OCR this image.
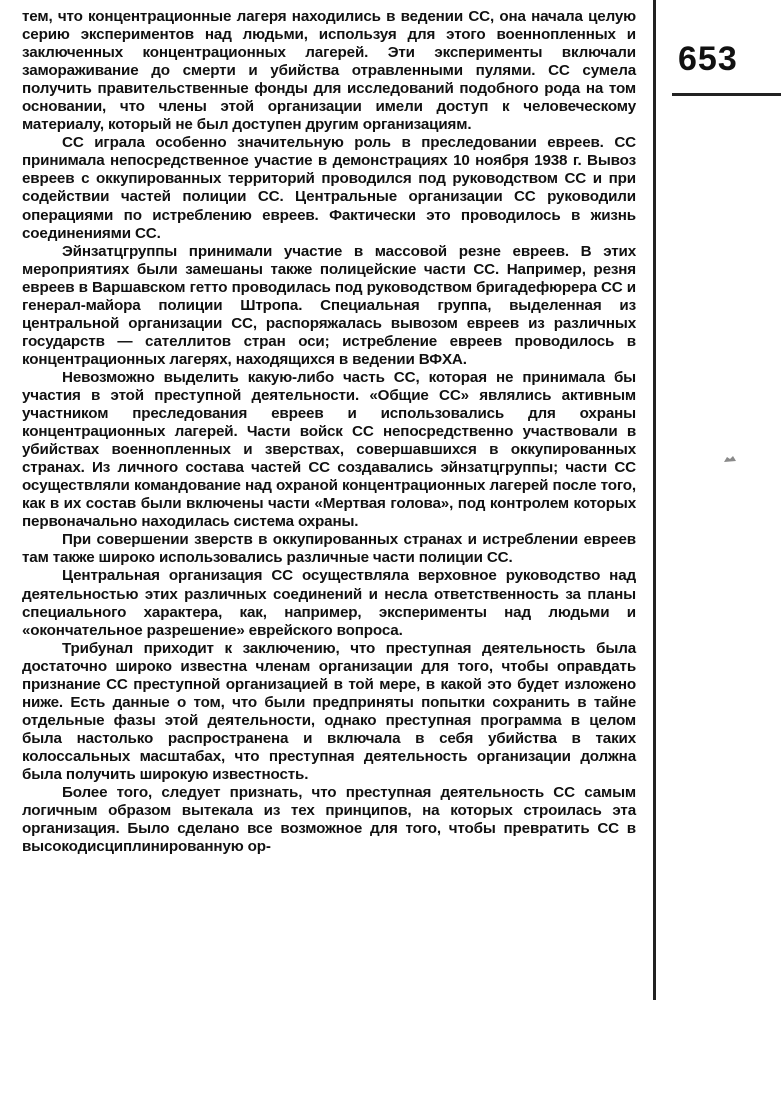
тем, что концентрационные лагеря находились в ведении СС, она начала целую серию экспериментов над людьми, используя для этого военнопленных и заключенных концентрационных лагерей. Эти эксперименты включали замораживание до смерти и убийства отравленными пулями. СС сумела получить правительственные фонды для исследований подобного рода на том основании, что члены этой организации имели доступ к человеческому материалу, который не был доступен другим организациям.

СС играла особенно значительную роль в преследовании евреев. СС принимала непосредственное участие в демонстрациях 10 ноября 1938 г. Вывоз евреев с оккупированных территорий проводился под руководством СС и при содействии частей полиции СС. Центральные организации СС руководили операциями по истреблению евреев. Фактически это проводилось в жизнь соединениями СС.

Эйнзатцгруппы принимали участие в массовой резне евреев. В этих мероприятиях были замешаны также полицейские части СС. Например, резня евреев в Варшавском гетто проводилась под руководством бригадефюрера СС и генерал-майора полиции Штропа. Специальная группа, выделенная из центральной организации СС, распоряжалась вывозом евреев из различных государств — сателлитов стран оси; истребление евреев проводилось в концентрационных лагерях, находящихся в ведении ВФХА.

Невозможно выделить какую-либо часть СС, которая не принимала бы участия в этой преступной деятельности. «Общие СС» являлись активным участником преследования евреев и использовались для охраны концентрационных лагерей. Части войск СС непосредственно участвовали в убийствах военнопленных и зверствах, совершавшихся в оккупированных странах. Из личного состава частей СС создавались эйнзатцгруппы; части СС осуществляли командование над охраной концентрационных лагерей после того, как в их состав были включены части «Мертвая голова», под контролем которых первоначально находилась система охраны.

При совершении зверств в оккупированных странах и истреблении евреев там также широко использовались различные части полиции СС.

Центральная организация СС осуществляла верховное руководство над деятельностью этих различных соединений и несла ответственность за планы специального характера, как, например, эксперименты над людьми и «окончательное разрешение» еврейского вопроса.

Трибунал приходит к заключению, что преступная деятельность была достаточно широко известна членам организации для того, чтобы оправдать признание СС преступной организацией в той мере, в какой это будет изложено ниже. Есть данные о том, что были предприняты попытки сохранить в тайне отдельные фазы этой деятельности, однако преступная программа в целом была настолько распространена и включала в себя убийства в таких колоссальных масштабах, что преступная деятельность организации должна была получить широкую известность.

Более того, следует признать, что преступная деятельность СС самым логичным образом вытекала из тех принципов, на которых строилась эта организация. Было сделано все возможное для того, чтобы превратить СС в высокодисциплинированную ор-

653
